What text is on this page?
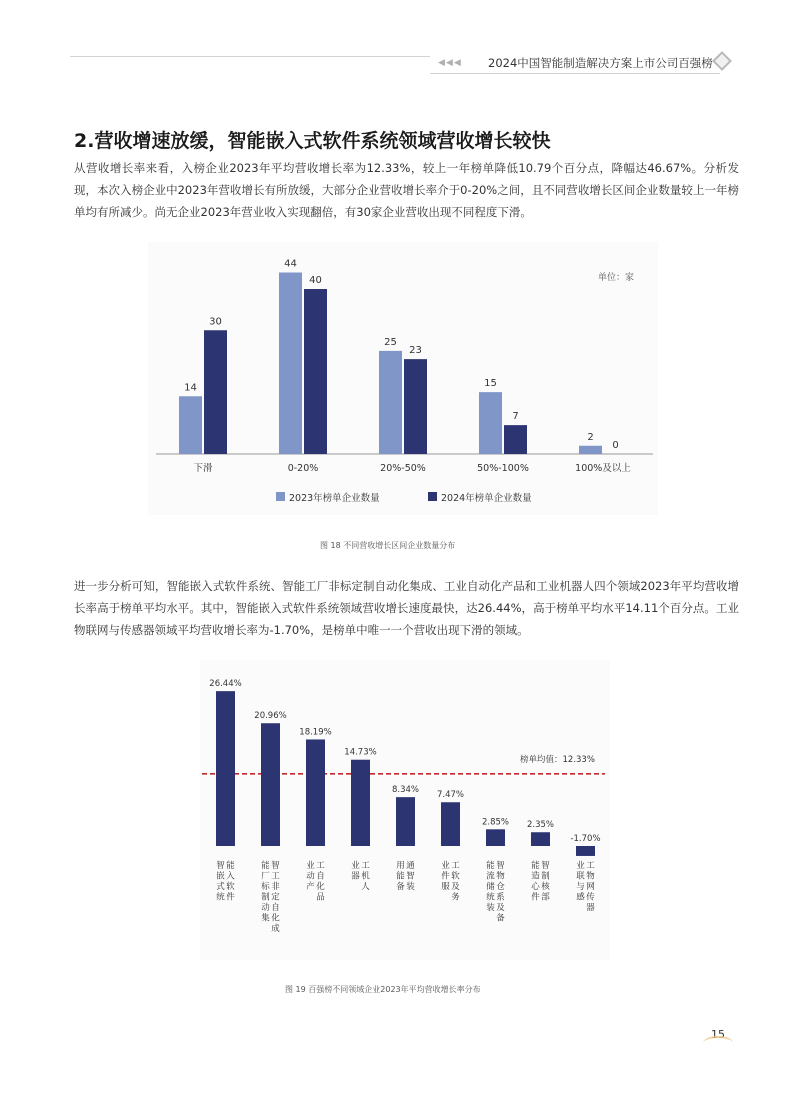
◀◀◀ 2024中国智能制造解决方案上市公司百强榜
2.营收增速放缓，智能嵌入式软件系统领域营收增长较快
从营收增长率来看，入榜企业2023年平均营收增长率为12.33%，较上一年榜单降低10.79个百分点，降幅达46.67%。分析发现，本次入榜企业中2023年营收增长有所放缓，大部分企业营收增长率介于0-20%之间，且不同营收增长区间企业数量较上一年榜单均有所减少。尚无企业2023年营业收入实现翻倍，有30家企业营收出现不同程度下滑。
单位：家
14
30
下滑
44
40
0-20%
25
23
20%-50%
15
7
50%-100%
2
0
100%及以上
2023年榜单企业数量	2024年榜单企业数量
图 18 不同营收增长区间企业数量分布
进一步分析可知，智能嵌入式软件系统、智能工厂非标定制自动化集成、工业自动化产品和工业机器人四个领域2023年平均营收增长率高于榜单平均水平。其中，智能嵌入式软件系统领域营收增长速度最快，达26.44%，高于榜单平均水平14.11个百分点。工业物联网与传感器领域平均营收增长率为-1.70%，是榜单中唯一一个营收出现下滑的领域。
榜单均值：12.33%
26.44%
能
入
软
件
智
嵌
式
统
20.96%
智
工
非
定
自
化
成
能
厂
标
制
动
集
18.19%
工
自
化
品
业
动
产
14.73%
工
机
人
业
器
8.34%
通
智
装
用
能
备
7.47%
工
软
及
务
业
件
服
2.85%
智
物
仓
系
及
备
能
流
储
统
装
2.35%
智
制
核
部
能
造
心
件
-1.70%
工
物
网
传
器
业
联
与
感
图 19 百强榜不同领域企业2023年平均营收增长率分布
15
